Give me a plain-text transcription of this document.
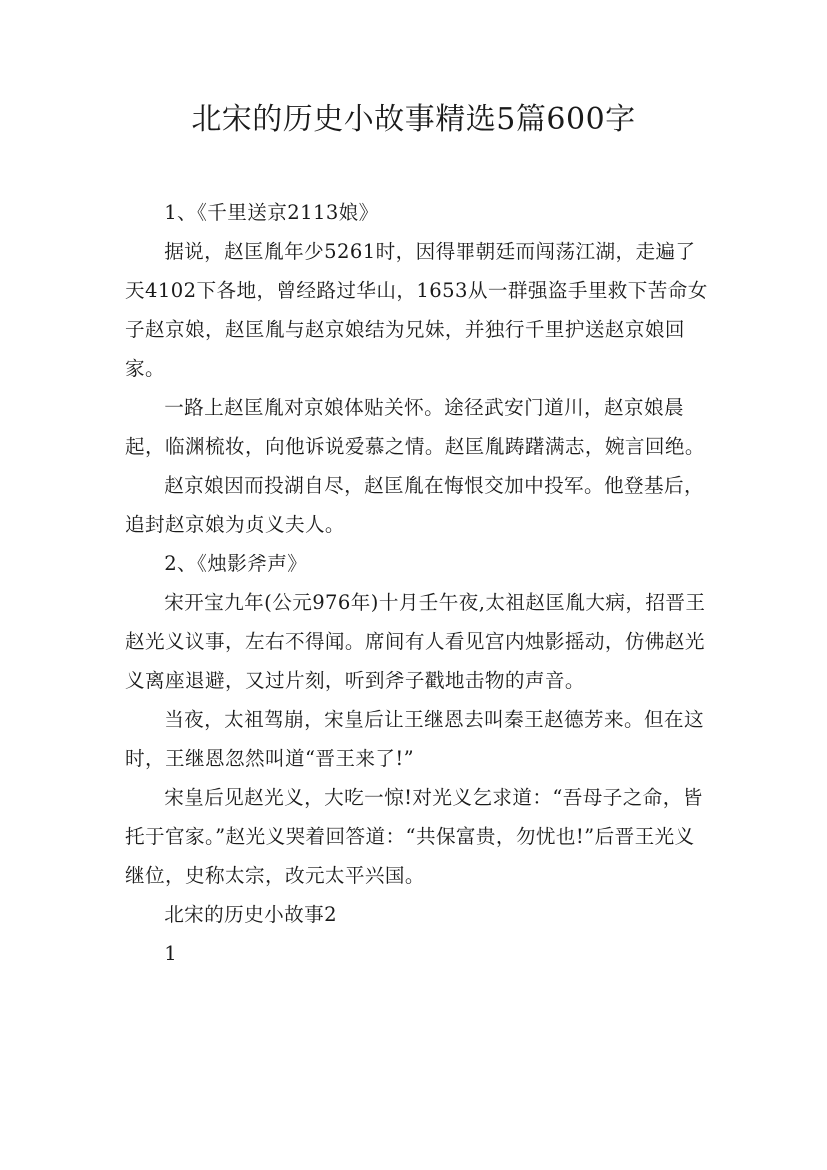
北宋的历史小故事精选5篇600字

1、《千里送京2113娘》

据说，赵匡胤年少5261时，因得罪朝廷而闯荡江湖，走遍了天4102下各地，曾经路过华山，1653从一群强盗手里救下苦命女子赵京娘，赵匡胤与赵京娘结为兄妹，并独行千里护送赵京娘回家。

一路上赵匡胤对京娘体贴关怀。途径武安门道川，赵京娘晨起，临渊梳妆，向他诉说爱慕之情。赵匡胤踌躇满志，婉言回绝。

赵京娘因而投湖自尽，赵匡胤在悔恨交加中投军。他登基后，追封赵京娘为贞义夫人。

2、《烛影斧声》

宋开宝九年(公元976年)十月壬午夜,太祖赵匡胤大病，招晋王赵光义议事，左右不得闻。席间有人看见宫内烛影摇动，仿佛赵光义离座退避，又过片刻，听到斧子戳地击物的声音。

当夜，太祖驾崩，宋皇后让王继恩去叫秦王赵德芳来。但在这时，王继恩忽然叫道“晋王来了!”

宋皇后见赵光义，大吃一惊!对光义乞求道：“吾母子之命，皆托于官家。”赵光义哭着回答道：“共保富贵，勿忧也!”后晋王光义继位，史称太宗，改元太平兴国。

北宋的历史小故事2

1
